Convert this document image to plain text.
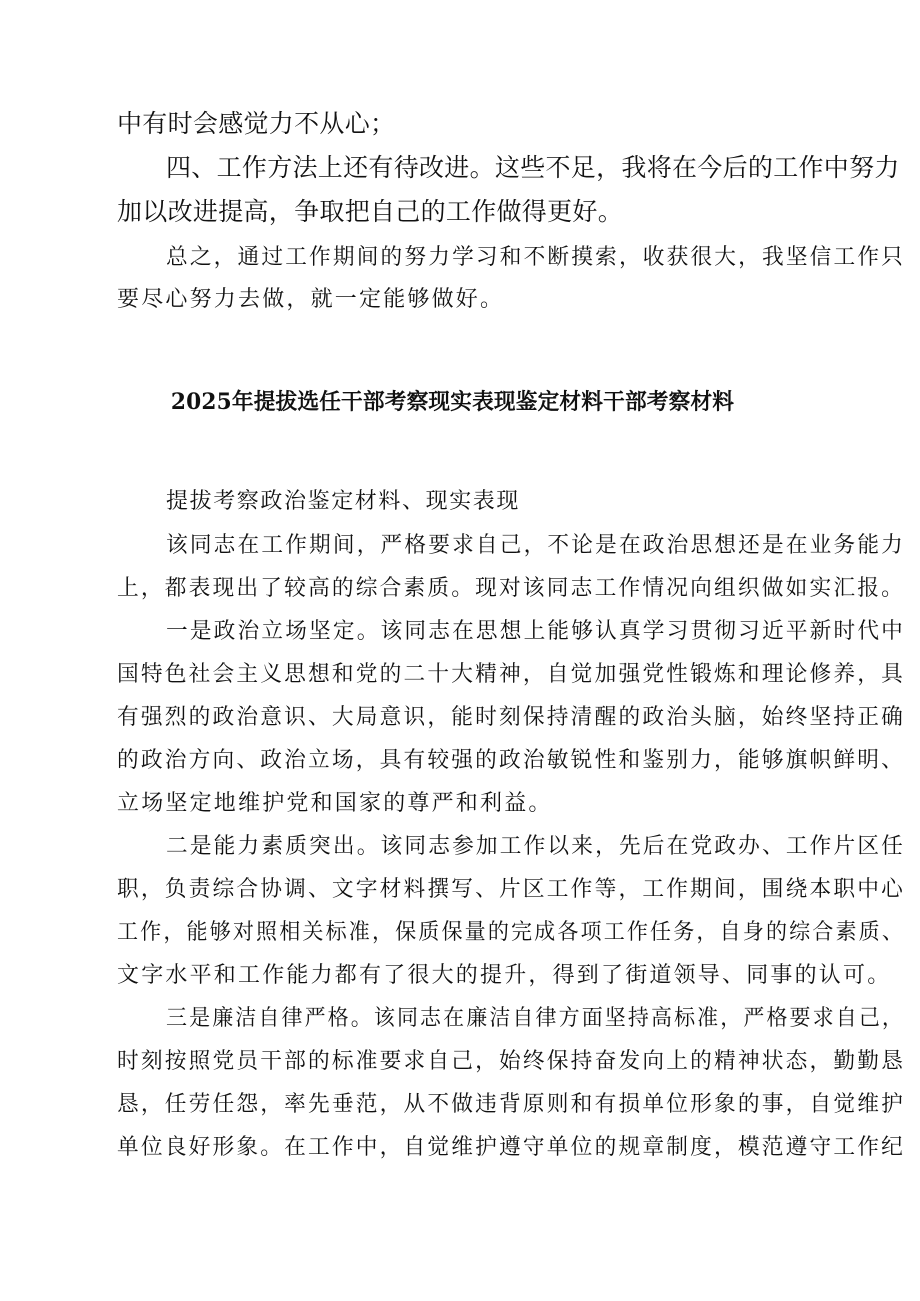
中有时会感觉力不从心；
四、工作方法上还有待改进。这些不足，我将在今后的工作中努力
加以改进提高，争取把自己的工作做得更好。
总之，通过工作期间的努力学习和不断摸索，收获很大，我坚信工作只
要尽心努力去做，就一定能够做好。
2025年提拔选任干部考察现实表现鉴定材料干部考察材料
提拔考察政治鉴定材料、现实表现
该同志在工作期间，严格要求自己，不论是在政治思想还是在业务能力
上，都表现出了较高的综合素质。现对该同志工作情况向组织做如实汇报。
一是政治立场坚定。该同志在思想上能够认真学习贯彻习近平新时代中
国特色社会主义思想和党的二十大精神，自觉加强党性锻炼和理论修养，具
有强烈的政治意识、大局意识，能时刻保持清醒的政治头脑，始终坚持正确
的政治方向、政治立场，具有较强的政治敏锐性和鉴别力，能够旗帜鲜明、
立场坚定地维护党和国家的尊严和利益。
二是能力素质突出。该同志参加工作以来，先后在党政办、工作片区任
职，负责综合协调、文字材料撰写、片区工作等，工作期间，围绕本职中心
工作，能够对照相关标准，保质保量的完成各项工作任务，自身的综合素质、
文字水平和工作能力都有了很大的提升，得到了街道领导、同事的认可。
三是廉洁自律严格。该同志在廉洁自律方面坚持高标准，严格要求自己，
时刻按照党员干部的标准要求自己，始终保持奋发向上的精神状态，勤勤恳
恳，任劳任怨，率先垂范，从不做违背原则和有损单位形象的事，自觉维护
单位良好形象。在工作中，自觉维护遵守单位的规章制度，模范遵守工作纪
